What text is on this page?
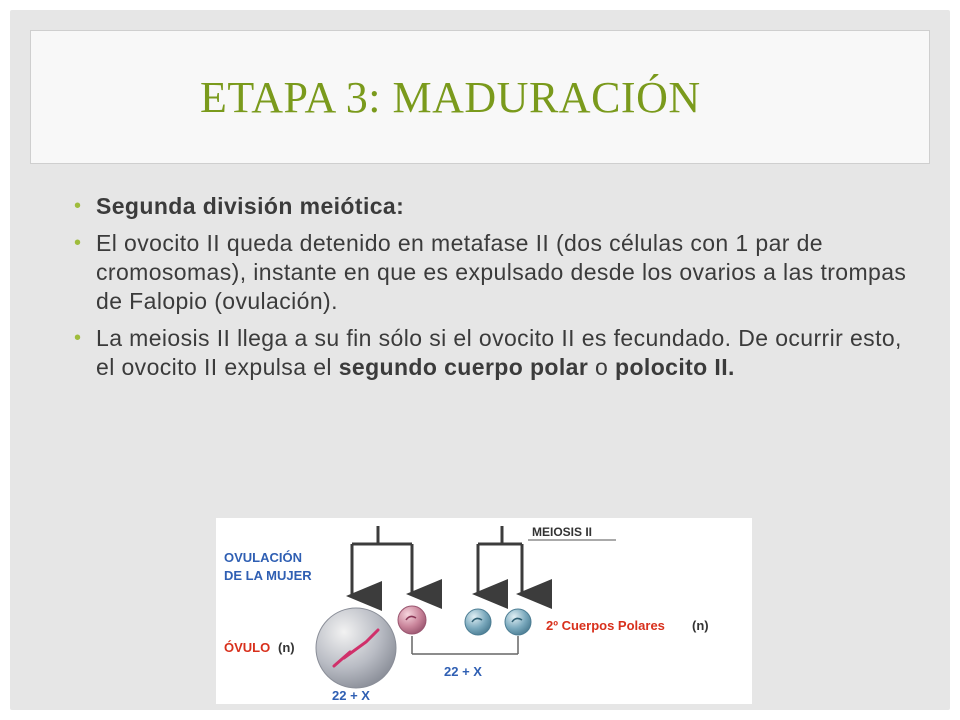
ETAPA 3: MADURACIÓN
• Segunda división meiótica:
• El ovocito II queda detenido en metafase II (dos células con 1 par de cromosomas), instante en que es expulsado desde los ovarios a las trompas de Falopio (ovulación).
• La meiosis II llega a su fin sólo si el ovocito II es fecundado. De ocurrir esto, el ovocito II expulsa el segundo cuerpo polar o polocito II.
MEIOSIS II
OVULACIÓN
DE LA MUJER
ÓVULO (n)
2º Cuerpos Polares (n)
22 + X
22 + X
